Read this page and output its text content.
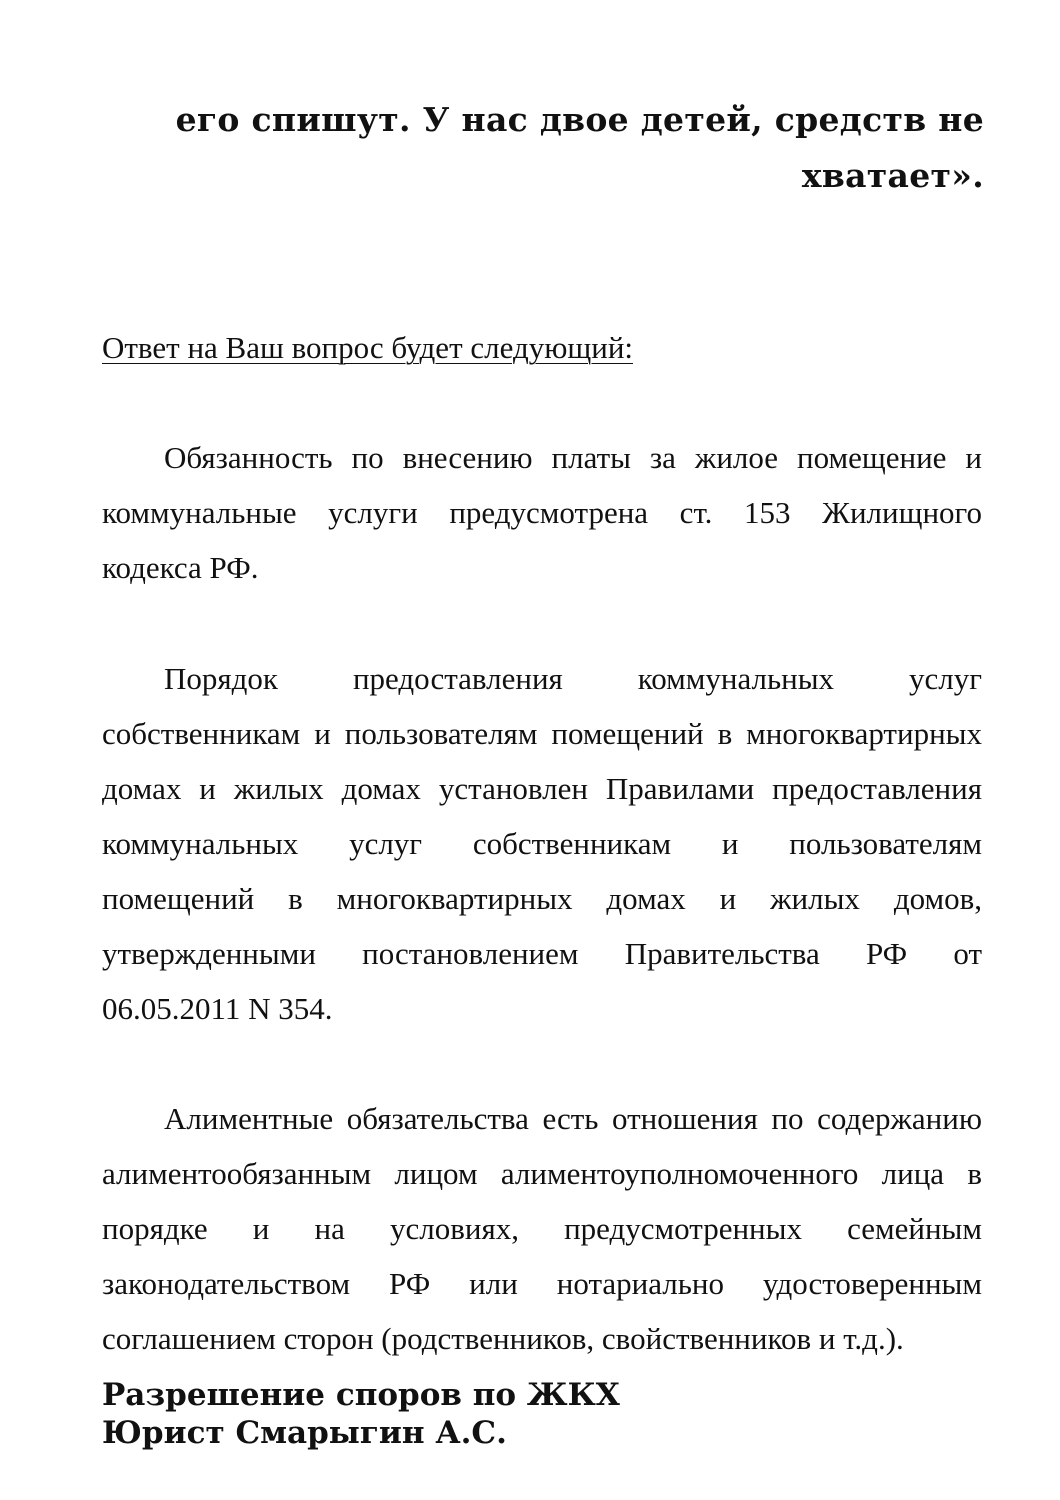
его спишут. У нас двое детей, средств не
хватает».
Ответ на Ваш вопрос будет следующий:
Обязанность по внесению платы за жилое помещение и
коммунальные услуги предусмотрена ст. 153 Жилищного
кодекса РФ.
Порядок предоставления коммунальных услуг
собственникам и пользователям помещений в многоквартирных
домах и жилых домах установлен Правилами предоставления
коммунальных услуг собственникам и пользователям
помещений в многоквартирных домах и жилых домов,
утвержденными постановлением Правительства РФ от
06.05.2011 N 354.
Алиментные обязательства есть отношения по содержанию
алиментообязанным лицом алиментоуполномоченного лица в
порядке и на условиях, предусмотренных семейным
законодательством РФ или нотариально удостоверенным
соглашением сторон (родственников, свойственников и т.д.).
Разрешение споров по ЖКХ
Юрист Смарыгин А.С.
